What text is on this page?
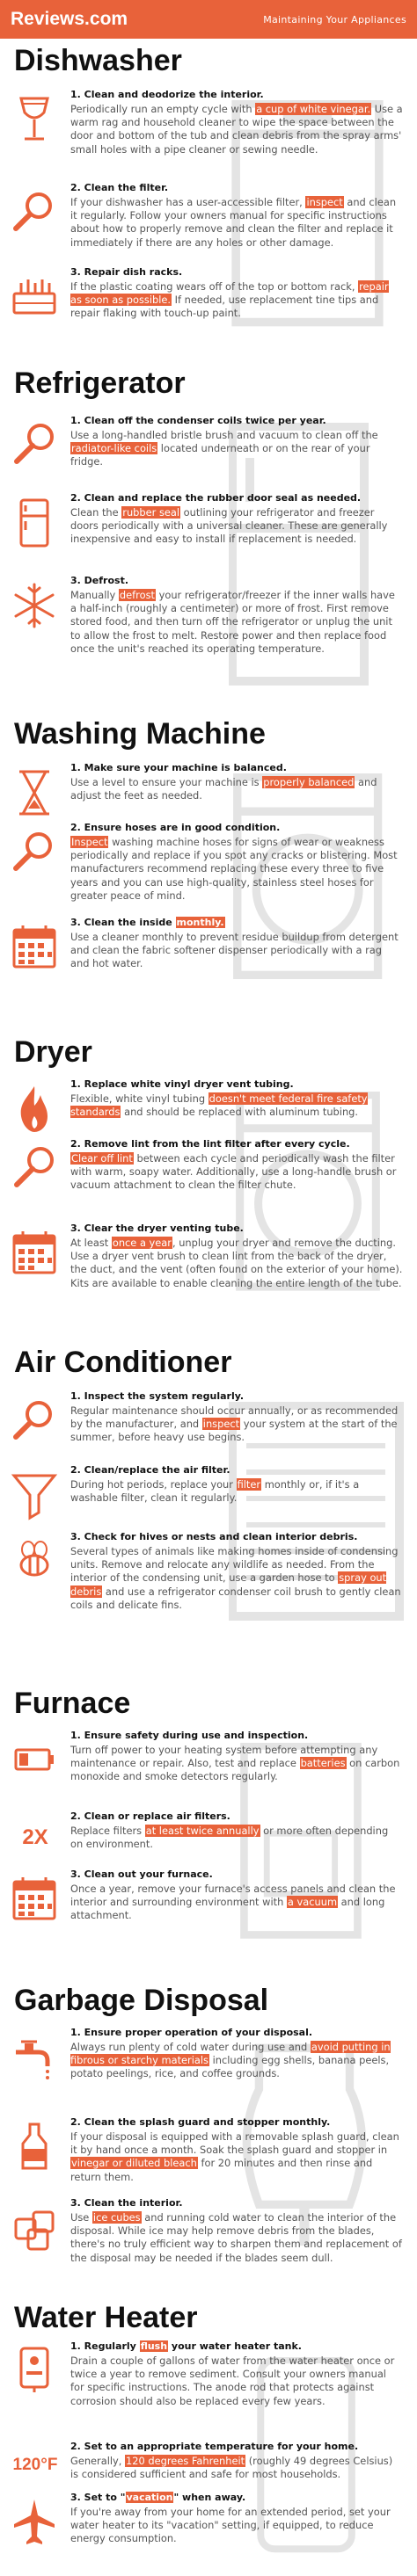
Reviews.com	Maintaining Your Appliances
Dishwasher
1. Clean and deodorize the interior.
Periodically run an empty cycle with a cup of white vinegar. Use a warm rag and household cleaner to wipe the space between the door and bottom of the tub and clean debris from the spray arms' small holes with a pipe cleaner or sewing needle.
2. Clean the filter.
If your dishwasher has a user-accessible filter, inspect and clean it regularly. Follow your owners manual for specific instructions about how to properly remove and clean the filter and replace it immediately if there are any holes or other damage.
3. Repair dish racks.
If the plastic coating wears off of the top or bottom rack, repair as soon as possible. If needed, use replacement tine tips and repair flaking with touch-up paint.
Refrigerator
1. Clean off the condenser coils twice per year.
Use a long-handled bristle brush and vacuum to clean off the radiator-like coils located underneath or on the rear of your fridge.
2. Clean and replace the rubber door seal as needed.
Clean the rubber seal outlining your refrigerator and freezer doors periodically with a universal cleaner. These are generally inexpensive and easy to install if replacement is needed.
3. Defrost.
Manually defrost your refrigerator/freezer if the inner walls have a half-inch (roughly a centimeter) or more of frost. First remove stored food, and then turn off the refrigerator or unplug the unit to allow the frost to melt. Restore power and then replace food once the unit's reached its operating temperature.
Washing Machine
1. Make sure your machine is balanced.
Use a level to ensure your machine is properly balanced and adjust the feet as needed.
2. Ensure hoses are in good condition.
Inspect washing machine hoses for signs of wear or weakness periodically and replace if you spot any cracks or blistering. Most manufacturers recommend replacing these every three to five years and you can use high-quality, stainless steel hoses for greater peace of mind.
3. Clean the inside monthly.
Use a cleaner monthly to prevent residue buildup from detergent and clean the fabric softener dispenser periodically with a rag and hot water.
Dryer
1. Replace white vinyl dryer vent tubing.
Flexible, white vinyl tubing doesn't meet federal fire safety standards and should be replaced with aluminum tubing.
2. Remove lint from the lint filter after every cycle.
Clear off lint between each cycle and periodically wash the filter with warm, soapy water. Additionally, use a long-handle brush or vacuum attachment to clean the filter chute.
3. Clear the dryer venting tube.
At least once a year, unplug your dryer and remove the ducting. Use a dryer vent brush to clean lint from the back of the dryer, the duct, and the vent (often found on the exterior of your home). Kits are available to enable cleaning the entire length of the tube.
Air Conditioner
1. Inspect the system regularly.
Regular maintenance should occur annually, or as recommended by the manufacturer, and inspect your system at the start of the summer, before heavy use begins.
2. Clean/replace the air filter.
During hot periods, replace your filter monthly or, if it's a washable filter, clean it regularly.
3. Check for hives or nests and clean interior debris.
Several types of animals like making homes inside of condensing units. Remove and relocate any wildlife as needed. From the interior of the condensing unit, use a garden hose to spray out debris and use a refrigerator condenser coil brush to gently clean coils and delicate fins.
Furnace
1. Ensure safety during use and inspection.
Turn off power to your heating system before attempting any maintenance or repair. Also, test and replace batteries on carbon monoxide and smoke detectors regularly.
2X
2. Clean or replace air filters.
Replace filters at least twice annually or more often depending on environment.
3. Clean out your furnace.
Once a year, remove your furnace's access panels and clean the interior and surrounding environment with a vacuum and long attachment.
Garbage Disposal
1. Ensure proper operation of your disposal.
Always run plenty of cold water during use and avoid putting in fibrous or starchy materials including egg shells, banana peels, potato peelings, rice, and coffee grounds.
2. Clean the splash guard and stopper monthly.
If your disposal is equipped with a removable splash guard, clean it by hand once a month. Soak the splash guard and stopper in vinegar or diluted bleach for 20 minutes and then rinse and return them.
3. Clean the interior.
Use ice cubes and running cold water to clean the interior of the disposal. While ice may help remove debris from the blades, there's no truly efficient way to sharpen them and replacement of the disposal may be needed if the blades seem dull.
Water Heater
1. Regularly flush your water heater tank.
Drain a couple of gallons of water from the water heater once or twice a year to remove sediment. Consult your owners manual for specific instructions. The anode rod that protects against corrosion should also be replaced every few years.
120°F
2. Set to an appropriate temperature for your home.
Generally, 120 degrees Fahrenheit (roughly 49 degrees Celsius) is considered sufficient and safe for most households.
3. Set to "vacation" when away.
If you're away from your home for an extended period, set your water heater to its "vacation" setting, if equipped, to reduce energy consumption.
